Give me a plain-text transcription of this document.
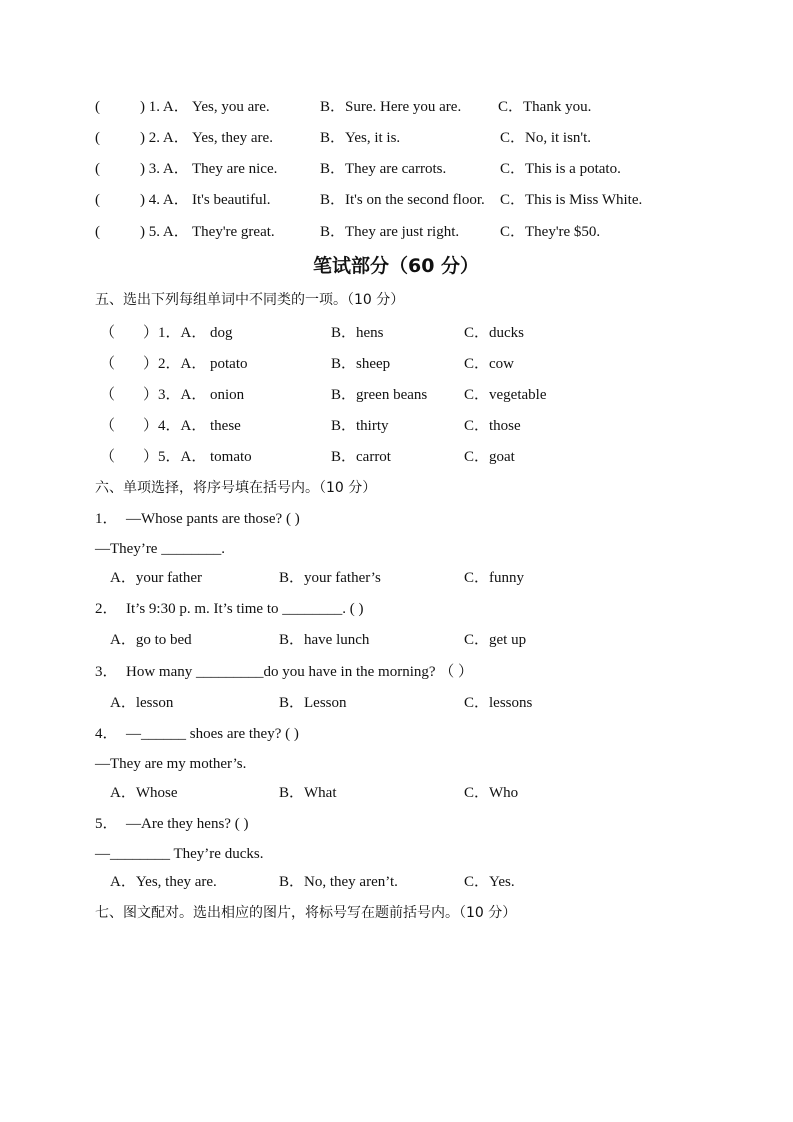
(	) 1. A． Yes, you are.	B．Sure. Here you are. C．Thank you.
(	) 2. A． Yes, they are.	B．Yes, it is.	C．No, it isn't.
(	) 3. A． They are nice.	B．They are carrots.	C．This is a potato.
(	) 4. A． It's beautiful.	B．It's on the second floor. C．This is Miss White.
(	) 5. A． They're great.	B．They are just right.	C．They're $50.
笔试部分（60 分）
五、选出下列每组单词中不同类的一项。（10 分）
（ ）1．A． dog	B．hens	C．ducks
（ ）2．A． potato	B．sheep	C．cow
（ ）3．A． onion	B．green beans C．vegetable
（ ）4．A． these	B．thirty	C．those
（ ）5．A． tomato	B．carrot	C．goat
六、单项选择，将序号填在括号内。（10 分）
1． —Whose pants are those? ( )
—They’re ________.
A．your father	B．your father’s	C．funny
2． It’s 9:30 p. m. It’s time to ________. ( )
A．go to bed	B．have lunch	C．get up
3． How many _________do you have in the morning? （ ）
A．lesson	B．Lesson	C．lessons
4． —______ shoes are they? ( )
—They are my mother’s.
A．Whose	B．What	C．Who
5． —Are they hens? ( )
—________ They’re ducks.
A．Yes, they are.	B．No, they aren’t.	C．Yes.
七、图文配对。选出相应的图片，将标号写在题前括号内。（10 分）
